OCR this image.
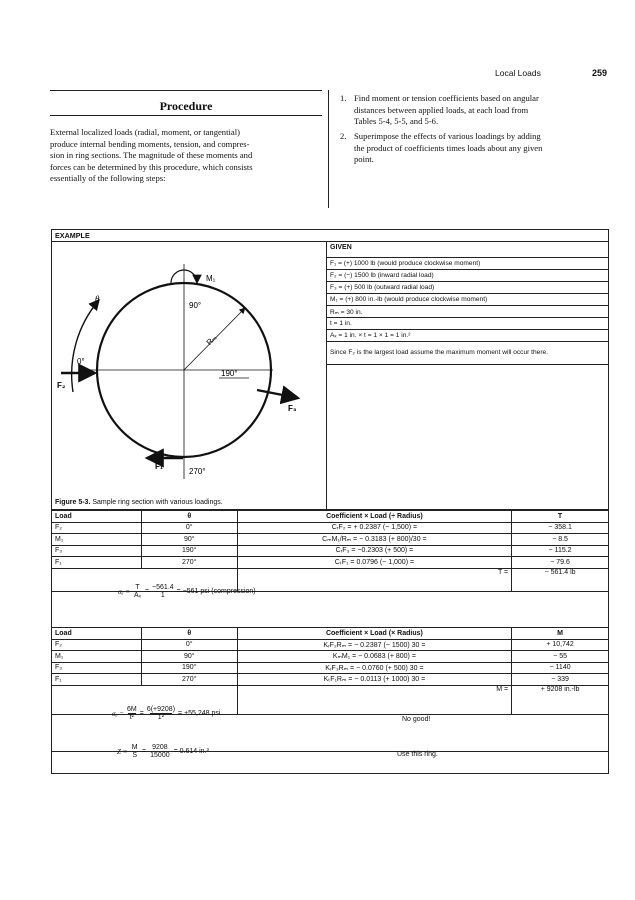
Local Loads	259
Procedure
External localized loads (radial, moment, or tangential)
produce internal bending moments, tension, and compres-
sion in ring sections. The magnitude of these moments and
forces can be determined by this procedure, which consists
essentially of the following steps:
1. Find moment or tension coefficients based on angular
distances between applied loads, at each load from
Tables 5-4, 5-5, and 5-6.
2. Superimpose the effects of various loadings by adding
the product of coefficients times loads about any given
point.
EXAMPLE
GIVEN
F₁ = (+) 1000 lb (would produce clockwise moment)
F₂ = (−) 1500 lb (inward radial load)
F₃ = (+) 500 lb (outward radial load)
M₁ = (+) 800 in.-lb (would produce clockwise moment)
Rₘ = 30 in.
t = 1 in.
Aₓ = 1 in. × t = 1 × 1 = 1 in.²
Since F₂ is the largest load assume the maximum moment will occur there.
M₁
θ
90°
0°
190°
270°
Rₘ
F₁
F₂
F₃
Figure 5-3. Sample ring section with various loadings.
Load	θ	Coefficient × Load (÷ Radius)	T
F₂	0°	CᵣF₂ = + 0.2387 (− 1,500) =	− 358.1
M₁	90°	CₘM₁/Rₘ = − 0.3183 (+ 800)/30 =	− 8.5
F₃	190°	CᵣF₃ = −0.2303 (+ 500) =	− 115.2
F₁	270°	CₜF₁ = 0.0796 (− 1,000) =	− 79.6
		T =	− 561.4 lb
$\sigma_a = \frac{T}{\text{Aₓ}} = \frac{-561.4}{1} = -561$ psi (compression)
Load	θ	Coefficient × Load (× Radius)	M
F₂	0°	KᵣF₂Rₘ = − 0.2387 (− 1500) 30 =	+ 10,742
M₁	90°	KₘM₁ = − 0.0683 (+ 800) =	− 55
F₃	190°	KᵣF₃Rₘ = − 0.0760 (+ 500) 30 =	− 1140
F₁	270°	KₜF₁Rₘ = − 0.0113 (+ 1000) 30 =	− 339
		M =	+ 9208 in.-lb

$\sigma_a = \frac{6M}{\text{t²}} = \frac{6(+9208)}{\text{1²}} = +55,248$ psi
No good!
$Z = \frac{M}{S} = \frac{9208}{15000} = 0.614$ in.³	Use this ring.
